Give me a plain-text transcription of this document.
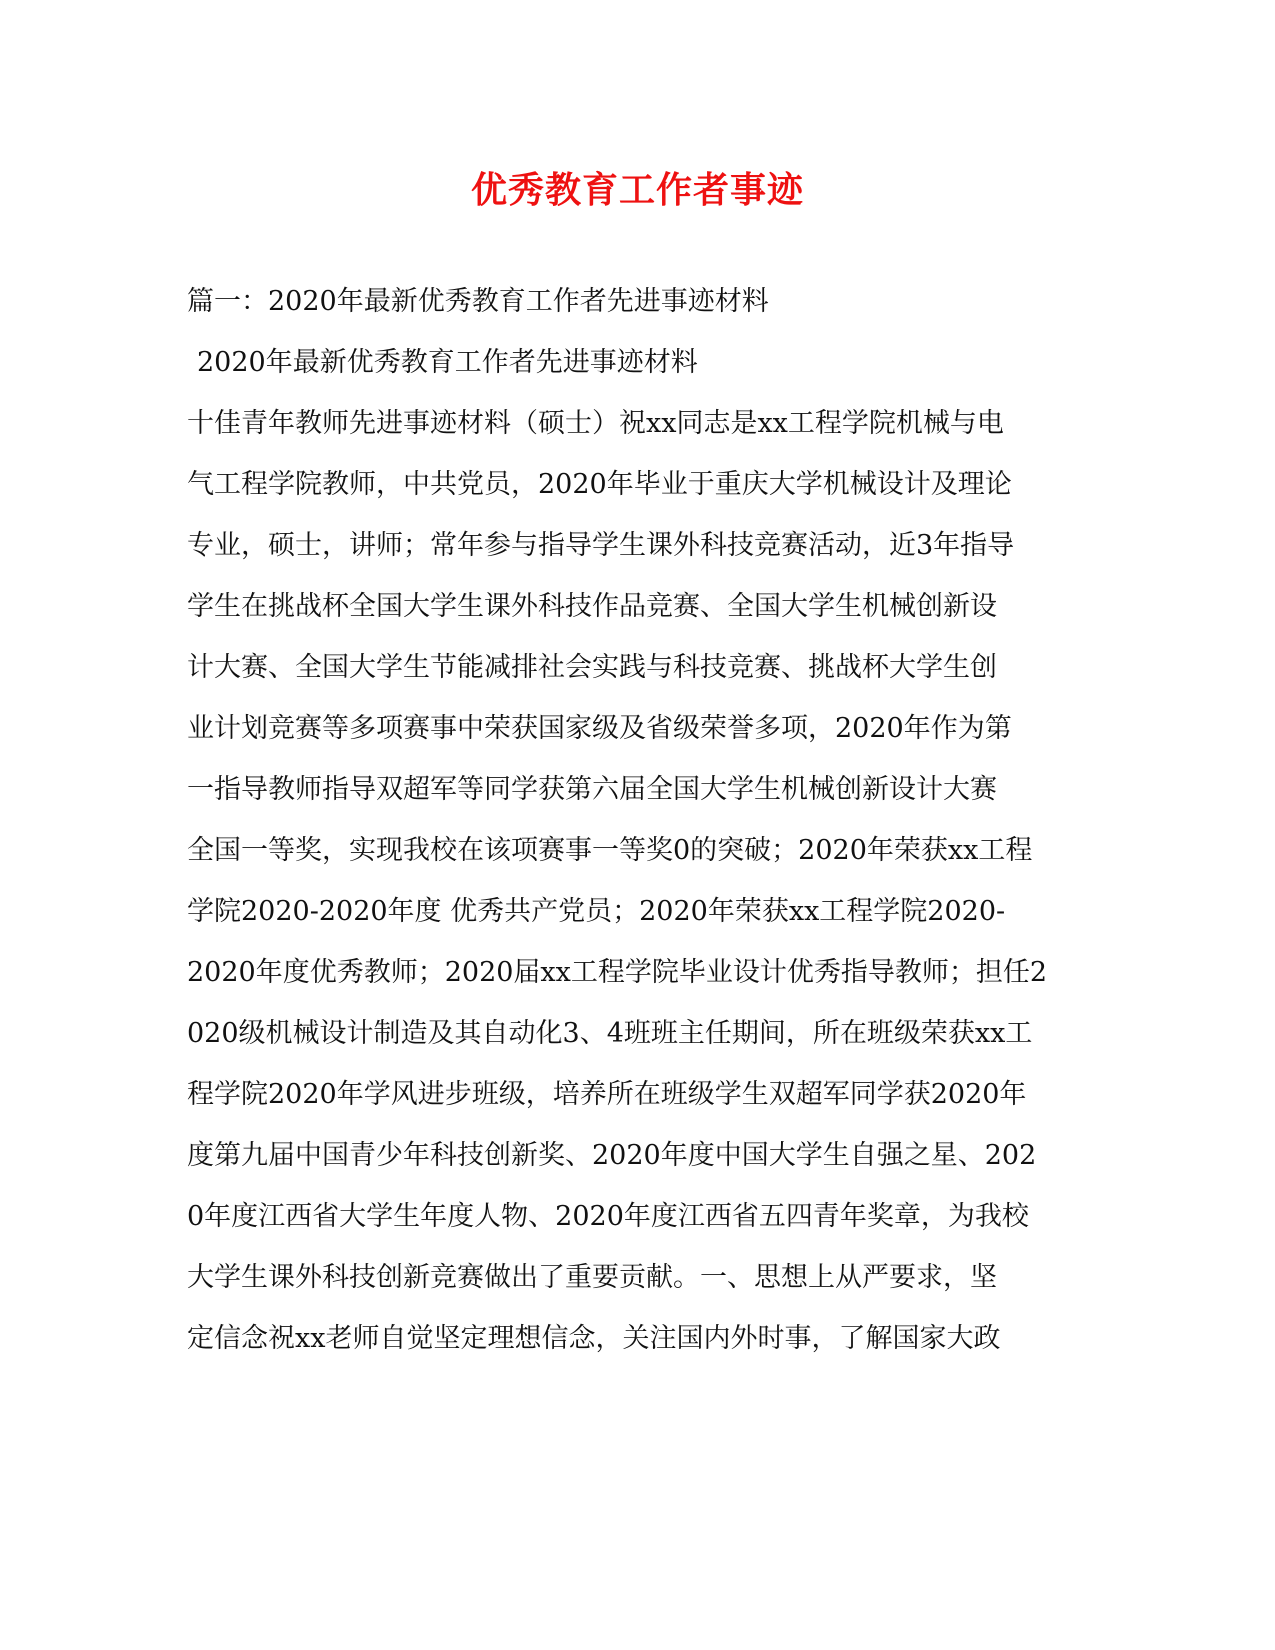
优秀教育工作者事迹
篇一：2020年最新优秀教育工作者先进事迹材料
2020年最新优秀教育工作者先进事迹材料
十佳青年教师先进事迹材料（硕士）祝xx同志是xx工程学院机械与电
气工程学院教师，中共党员，2020年毕业于重庆大学机械设计及理论
专业，硕士，讲师；常年参与指导学生课外科技竞赛活动，近3年指导
学生在挑战杯全国大学生课外科技作品竞赛、全国大学生机械创新设
计大赛、全国大学生节能减排社会实践与科技竞赛、挑战杯大学生创
业计划竞赛等多项赛事中荣获国家级及省级荣誉多项，2020年作为第
一指导教师指导双超军等同学获第六届全国大学生机械创新设计大赛
全国一等奖，实现我校在该项赛事一等奖0的突破；2020年荣获xx工程
学院2020-2020年度 优秀共产党员；2020年荣获xx工程学院2020-
2020年度优秀教师；2020届xx工程学院毕业设计优秀指导教师；担任2
020级机械设计制造及其自动化3、4班班主任期间，所在班级荣获xx工
程学院2020年学风进步班级，培养所在班级学生双超军同学获2020年
度第九届中国青少年科技创新奖、2020年度中国大学生自强之星、202
0年度江西省大学生年度人物、2020年度江西省五四青年奖章，为我校
大学生课外科技创新竞赛做出了重要贡献。一、思想上从严要求，坚
定信念祝xx老师自觉坚定理想信念，关注国内外时事，了解国家大政
